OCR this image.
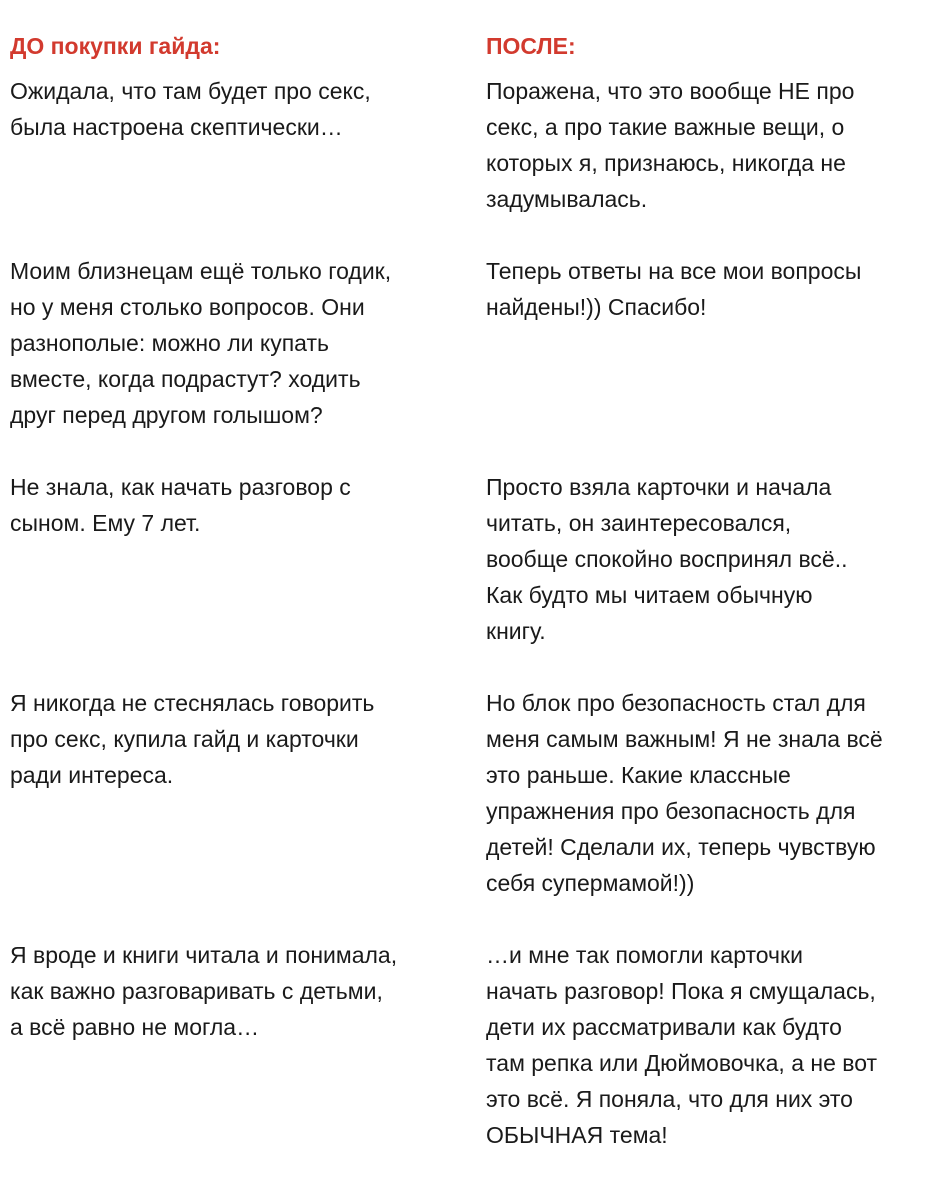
ДО покупки гайда:	ПОСЛЕ:

Ожидала, что там будет про секс,
была настроена скептически…

Поражена, что это вообще НЕ про
секс, а про такие важные вещи, о
которых я, признаюсь, никогда не
задумывалась.

Моим близнецам ещё только годик,
но у меня столько вопросов. Они
разнополые: можно ли купать
вместе, когда подрастут? ходить
друг перед другом голышом?

Теперь ответы на все мои вопросы
найдены!)) Спасибо!

Не знала, как начать разговор с
сыном. Ему 7 лет.

Просто взяла карточки и начала
читать, он заинтересовался,
вообще спокойно воспринял всё..
Как будто мы читаем обычную
книгу.

Я никогда не стеснялась говорить
про секс, купила гайд и карточки
ради интереса.

Но блок про безопасность стал для
меня самым важным! Я не знала всё
это раньше. Какие классные
упражнения про безопасность для
детей! Сделали их, теперь чувствую
себя супермамой!))

Я вроде и книги читала и понимала,
как важно разговаривать с детьми,
а всё равно не могла…

…и мне так помогли карточки
начать разговор! Пока я смущалась,
дети их рассматривали как будто
там репка или Дюймовочка, а не вот
это всё. Я поняла, что для них это
ОБЫЧНАЯ тема!
